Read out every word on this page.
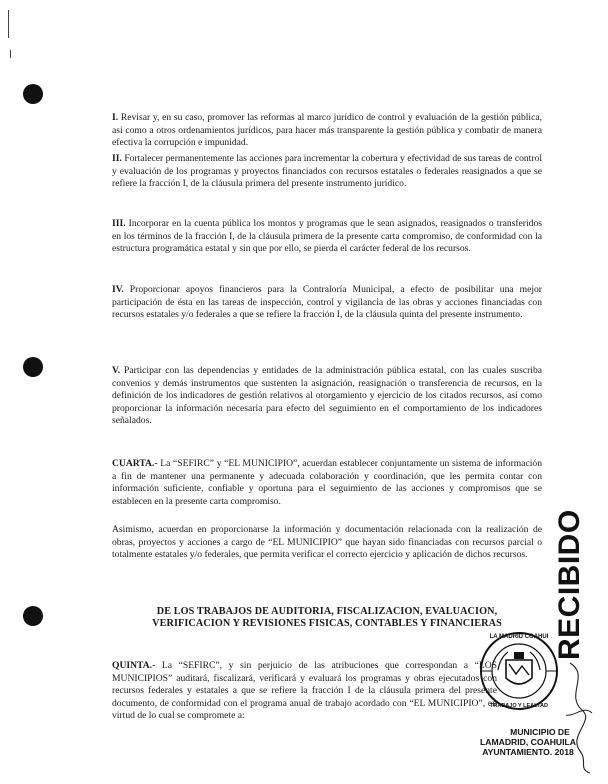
I. Revisar y, en su caso, promover las reformas al marco jurídico de control y evaluación de la gestión pública, así como a otros ordenamientos jurídicos, para hacer más transparente la gestión pública y combatir de manera efectiva la corrupción e impunidad.

II. Fortalecer permanentemente las acciones para incrementar la cobertura y efectividad de sus tareas de control y evaluación de los programas y proyectos financiados con recursos estatales o federales reasignados a que se refiere la fracción I, de la cláusula primera del presente instrumento jurídico.

III. Incorporar en la cuenta pública los montos y programas que le sean asignados, reasignados o transferidos en los términos de la fracción I, de la cláusula primera de la presente carta compromiso, de conformidad con la estructura programática estatal y sin que por ello, se pierda el carácter federal de los recursos.

IV. Proporcionar apoyos financieros para la Contraloría Municipal, a efecto de posibilitar una mejor participación de ésta en las tareas de inspección, control y vigilancia de las obras y acciones financiadas con recursos estatales y/o federales a que se refiere la fracción I, de la cláusula quinta del presente instrumento.

V. Participar con las dependencias y entidades de la administración pública estatal, con las cuales suscriba convenios y demás instrumentos que sustenten la asignación, reasignación o transferencia de recursos, en la definición de los indicadores de gestión relativos al otorgamiento y ejercicio de los citados recursos, así como proporcionar la información necesaria para efecto del seguimiento en el comportamiento de los indicadores señalados.

CUARTA.- La “SEFIRC” y “EL MUNICIPIO”, acuerdan establecer conjuntamente un sistema de información a fin de mantener una permanente y adecuada colaboración y coordinación, que les permita contar con información suficiente, confiable y oportuna para el seguimiento de las acciones y compromisos que se establecen en la presente carta compromiso.

Asimismo, acuerdan en proporcionarse la información y documentación relacionada con la realización de obras, proyectos y acciones a cargo de “EL MUNICIPIO” que hayan sido financiadas con recursos parcial o totalmente estatales y/o federales, que permita verificar el correcto ejercicio y aplicación de dichos recursos.

DE LOS TRABAJOS DE AUDITORIA, FISCALIZACION, EVALUACION,

VERIFICACION Y REVISIONES FISICAS, CONTABLES Y FINANCIERAS

QUINTA.- La “SEFIRC”, y sin perjuicio de las atribuciones que correspondan a “LOS MUNICIPIOS” auditará, fiscalizará, verificará y evaluará los programas y obras ejecutados con recursos federales y estatales a que se refiere la fracción I de la cláusula primera del presente documento, de conformidad con el programa anual de trabajo acordado con “EL MUNICIPIO”, en virtud de lo cual se compromete a:

LA MADRID COAHUI
TRABAJO Y LEALTAD
MUNICIPIO DE
LAMADRID, COAHUILA
AYUNTAMIENTO. 2018
RECIBIDO
